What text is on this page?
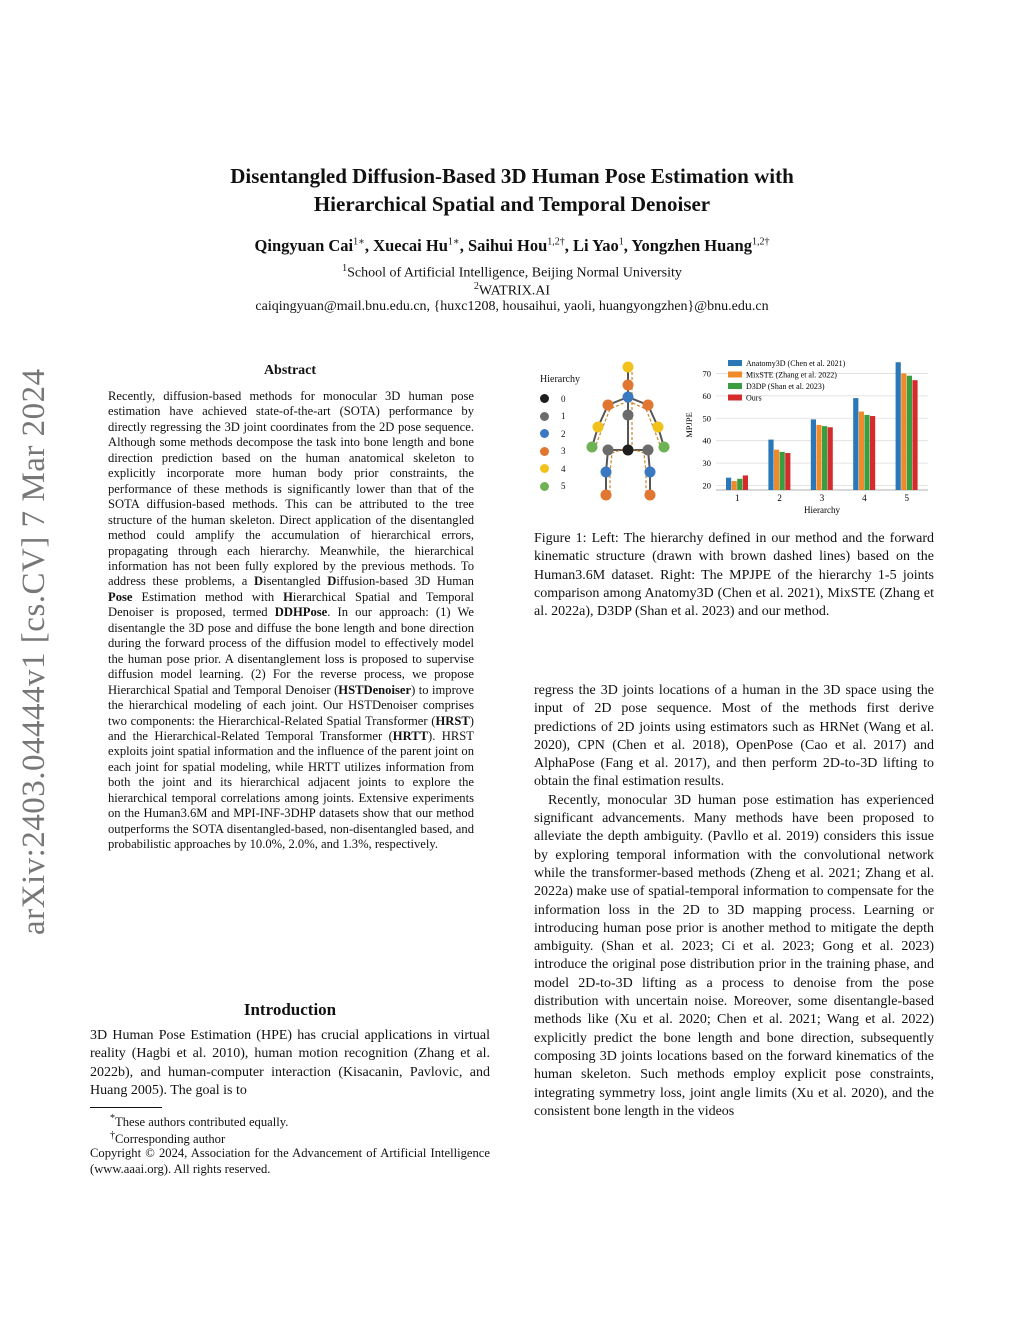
Disentangled Diffusion-Based 3D Human Pose Estimation with
Hierarchical Spatial and Temporal Denoiser
Qingyuan Cai$^{1∗}$, Xuecai $Hu^{1∗}$, Saihui Hou$^{1,2\dagger}$, Li Yao$^1$, Yongzhen Huang$^{1,2\dagger}$
$^1$School of Artificial Intelligence, Beijing Normal University
$^2$WATRIX.AI
caiqingyuan@mail.bnu.edu.cn, {huxc1208, housaihui, yaoli, huangyongzhen}@bnu.edu.cn
arXiv:2403.04444v1 [cs.CV] 7 Mar 2024	Abstract
Recently, diffusion-based methods for monocular 3D human pose estimation have achieved state-of-the-art (SOTA) performance by directly regressing the 3D joint coordinates from the 2D pose sequence. Although some methods decompose the task into bone length and bone direction prediction based on the human anatomical skeleton to explicitly incorporate more human body prior constraints, the performance of these methods is significantly lower than that of the SOTA diffusion-based methods. This can be attributed to the tree structure of the human skeleton. Direct application of the disentangled method could amplify the accumulation of hierarchical errors, propagating through each hierarchy. Meanwhile, the hierarchical information has not been fully explored by the previous methods. To address these problems, a Disentangled Diffusion-based 3D Human Pose Estimation method with Hierarchical Spatial and Temporal Denoiser is proposed, termed DDHPose. In our approach: (1) We disentangle the 3D pose and diffuse the bone length and bone direction during the forward process of the diffusion model to effectively model the human pose prior. A disentanglement loss is proposed to supervise diffusion model learning. (2) For the reverse process, we propose Hierarchical Spatial and Temporal Denoiser (HSTDenoiser) to improve the hierarchical modeling of each joint. Our HSTDenoiser comprises two components: the Hierarchical-Related Spatial Transformer (HRST) and the Hierarchical-Related Temporal Transformer (HRTT). HRST exploits joint spatial information and the influence of the parent joint on each joint for spatial modeling, while HRTT utilizes information from both the joint and its hierarchical adjacent joints to explore the hierarchical temporal correlations among joints. Extensive experiments on the Human3.6M and MPI-INF-3DHP datasets show that our method outperforms the SOTA disentangled-based, non-disentangled based, and probabilistic approaches by 10.0%, 2.0%, and 1.3%, respectively.
Introduction
3D Human Pose Estimation (HPE) has crucial applications in virtual reality (Hagbi et al. 2010), human motion recognition (Zhang et al. 2022b), and human-computer interaction (Kisacanin, Pavlovic, and Huang 2005). The goal is to
*These authors contributed equally.
†Corresponding author
Copyright © 2024, Association for the Advancement of Artificial Intelligence (www.aaai.org). All rights reserved.
Hierarchy
0
1
2
3
4
5	20
30
40
50
60
70
1	2	3	4	5
Hierarchy
MPJPE
Anatomy3D (Chen et al. 2021)
MixSTE (Zhang et al. 2022)
D3DP (Shan et al. 2023)
Ours
Figure 1: Left: The hierarchy defined in our method and the forward kinematic structure (drawn with brown dashed lines) based on the Human3.6M dataset. Right: The MPJPE of the hierarchy 1-5 joints comparison among Anatomy3D (Chen et al. 2021), MixSTE (Zhang et al. 2022a), D3DP (Shan et al. 2023) and our method.

regress the 3D joints locations of a human in the 3D space using the input of 2D pose sequence. Most of the methods first derive predictions of 2D joints using estimators such as HRNet (Wang et al. 2020), CPN (Chen et al. 2018), OpenPose (Cao et al. 2017) and AlphaPose (Fang et al. 2017), and then perform 2D-to-3D lifting to obtain the final estimation results.

Recently, monocular 3D human pose estimation has experienced significant advancements. Many methods have been proposed to alleviate the depth ambiguity. (Pavllo et al. 2019) considers this issue by exploring temporal information with the convolutional network while the transformer-based methods (Zheng et al. 2021; Zhang et al. 2022a) make use of spatial-temporal information to compensate for the information loss in the 2D to 3D mapping process. Learning or introducing human pose prior is another method to mitigate the depth ambiguity. (Shan et al. 2023; Ci et al. 2023; Gong et al. 2023) introduce the original pose distribution prior in the training phase, and model 2D-to-3D lifting as a process to denoise from the pose distribution with uncertain noise. Moreover, some disentangle-based methods like (Xu et al. 2020; Chen et al. 2021; Wang et al. 2022) explicitly predict the bone length and bone direction, subsequently composing 3D joints locations based on the forward kinematics of the human skeleton. Such methods employ explicit pose constraints, integrating symmetry loss, joint angle limits (Xu et al. 2020), and the consistent bone length in the videos
